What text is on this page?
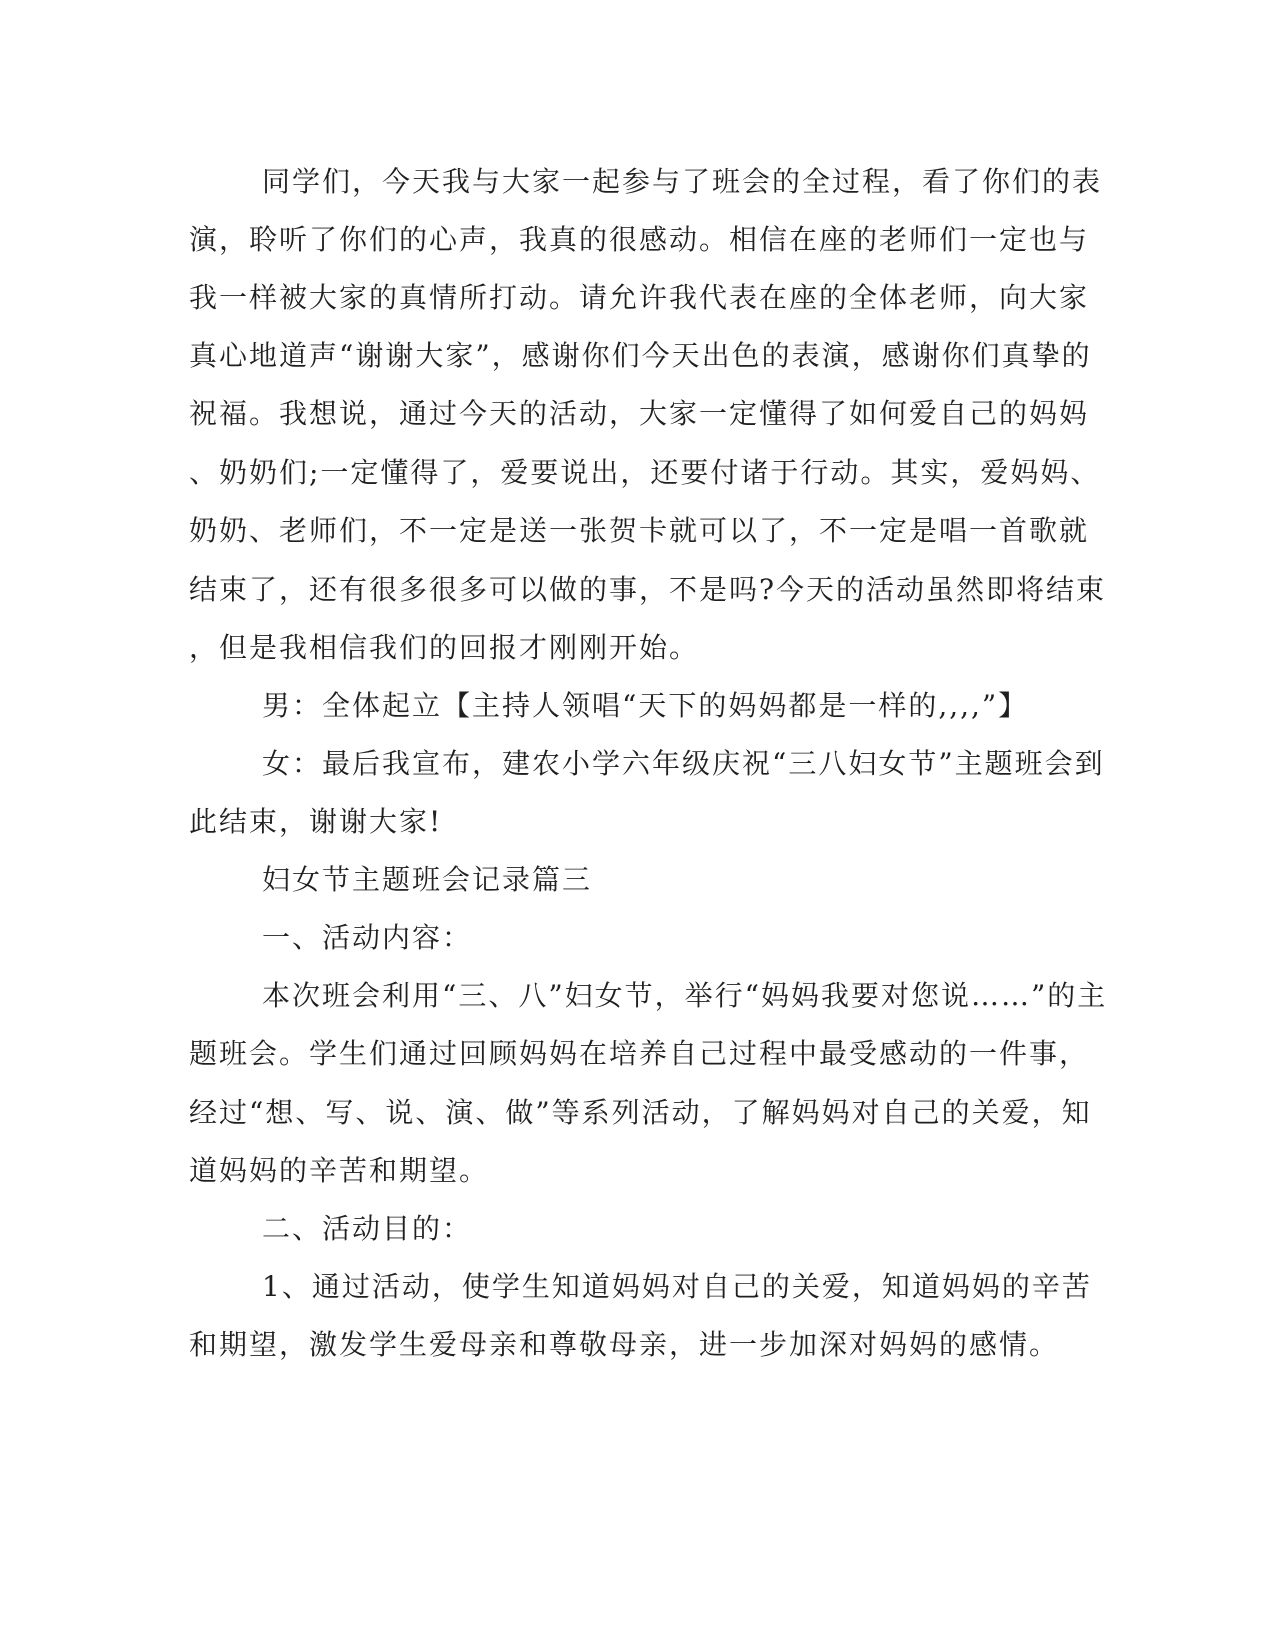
同学们，今天我与大家一起参与了班会的全过程，看了你们的表

演，聆听了你们的心声，我真的很感动。相信在座的老师们一定也与

我一样被大家的真情所打动。请允许我代表在座的全体老师，向大家

真心地道声“谢谢大家”，感谢你们今天出色的表演，感谢你们真挚的

祝福。我想说，通过今天的活动，大家一定懂得了如何爱自己的妈妈

、奶奶们;一定懂得了，爱要说出，还要付诸于行动。其实，爱妈妈、

奶奶、老师们，不一定是送一张贺卡就可以了，不一定是唱一首歌就

结束了，还有很多很多可以做的事，不是吗?今天的活动虽然即将结束

，但是我相信我们的回报才刚刚开始。

男：全体起立【主持人领唱“天下的妈妈都是一样的,,,,”】

女：最后我宣布，建农小学六年级庆祝“三八妇女节”主题班会到

此结束，谢谢大家!

妇女节主题班会记录篇三

一、活动内容：

本次班会利用“三、八”妇女节，举行“妈妈我要对您说……”的主

题班会。学生们通过回顾妈妈在培养自己过程中最受感动的一件事，

经过“想、写、说、演、做”等系列活动，了解妈妈对自己的关爱，知

道妈妈的辛苦和期望。

二、活动目的：

1、通过活动，使学生知道妈妈对自己的关爱，知道妈妈的辛苦

和期望，激发学生爱母亲和尊敬母亲，进一步加深对妈妈的感情。
